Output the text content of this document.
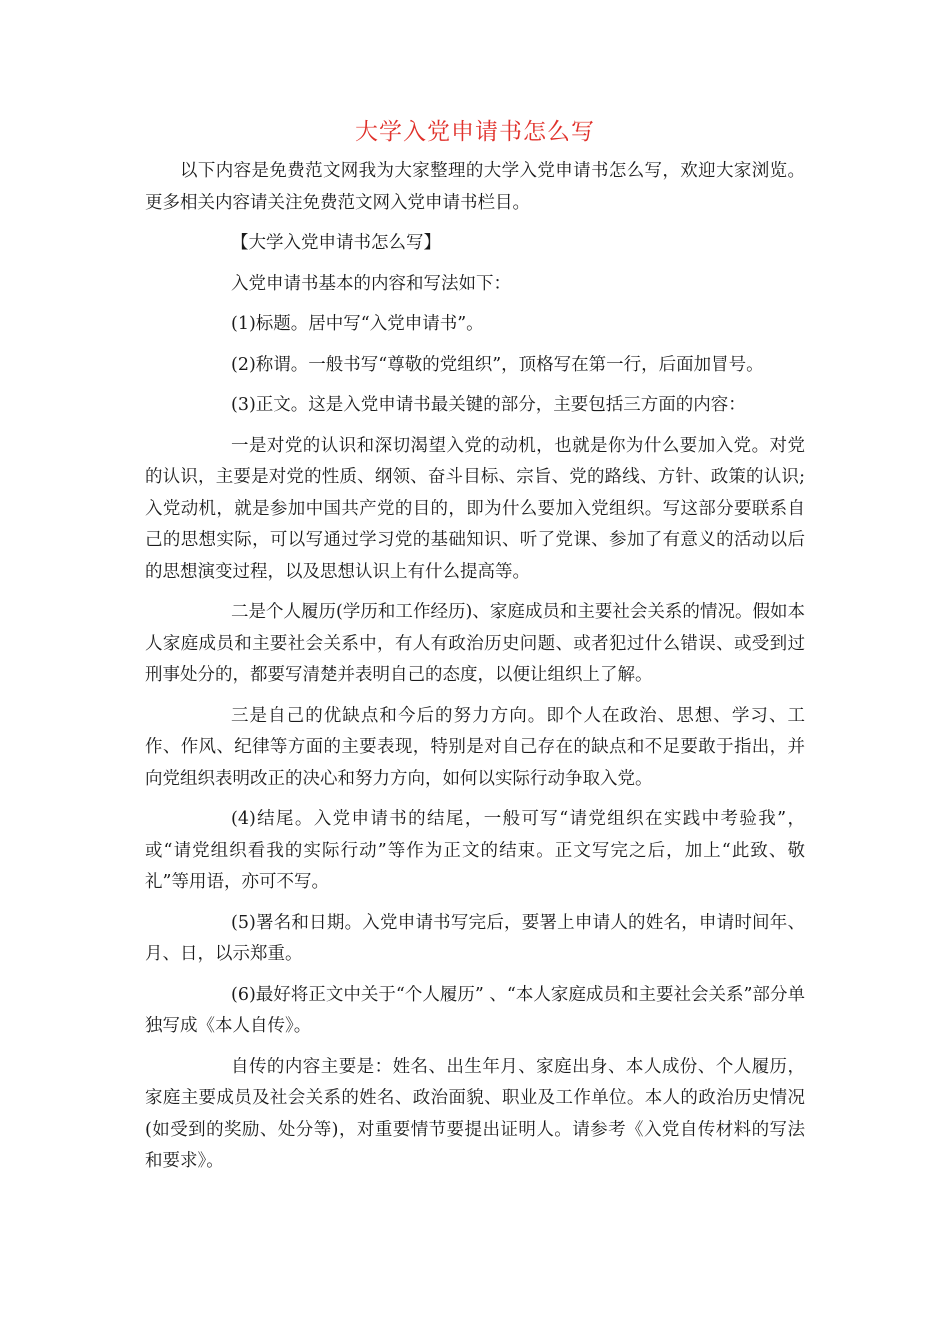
大学入党申请书怎么写

以下内容是免费范文网我为大家整理的大学入党申请书怎么写，欢迎大家浏览。更多相关内容请关注免费范文网入党申请书栏目。

【大学入党申请书怎么写】

入党申请书基本的内容和写法如下：

(1)标题。居中写“入党申请书”。

(2)称谓。一般书写“尊敬的党组织”，顶格写在第一行，后面加冒号。

(3)正文。这是入党申请书最关键的部分，主要包括三方面的内容：

一是对党的认识和深切渴望入党的动机，也就是你为什么要加入党。对党的认识，主要是对党的性质、纲领、奋斗目标、宗旨、党的路线、方针、政策的认识;入党动机，就是参加中国共产党的目的，即为什么要加入党组织。写这部分要联系自己的思想实际，可以写通过学习党的基础知识、听了党课、参加了有意义的活动以后的思想演变过程，以及思想认识上有什么提高等。

二是个人履历(学历和工作经历)、家庭成员和主要社会关系的情况。假如本人家庭成员和主要社会关系中，有人有政治历史问题、或者犯过什么错误、或受到过刑事处分的，都要写清楚并表明自己的态度，以便让组织上了解。

三是自己的优缺点和今后的努力方向。即个人在政治、思想、学习、工作、作风、纪律等方面的主要表现，特别是对自己存在的缺点和不足要敢于指出，并向党组织表明改正的决心和努力方向，如何以实际行动争取入党。

(4)结尾。入党申请书的结尾，一般可写“请党组织在实践中考验我”，或“请党组织看我的实际行动”等作为正文的结束。正文写完之后，加上“此致、敬礼”等用语，亦可不写。

(5)署名和日期。入党申请书写完后，要署上申请人的姓名，申请时间年、月、日，以示郑重。

(6)最好将正文中关于“个人履历” 、“本人家庭成员和主要社会关系”部分单独写成《本人自传》。

自传的内容主要是：姓名、出生年月、家庭出身、本人成份、个人履历，家庭主要成员及社会关系的姓名、政治面貌、职业及工作单位。本人的政治历史情况(如受到的奖励、处分等)，对重要情节要提出证明人。请参考《入党自传材料的写法和要求》。
